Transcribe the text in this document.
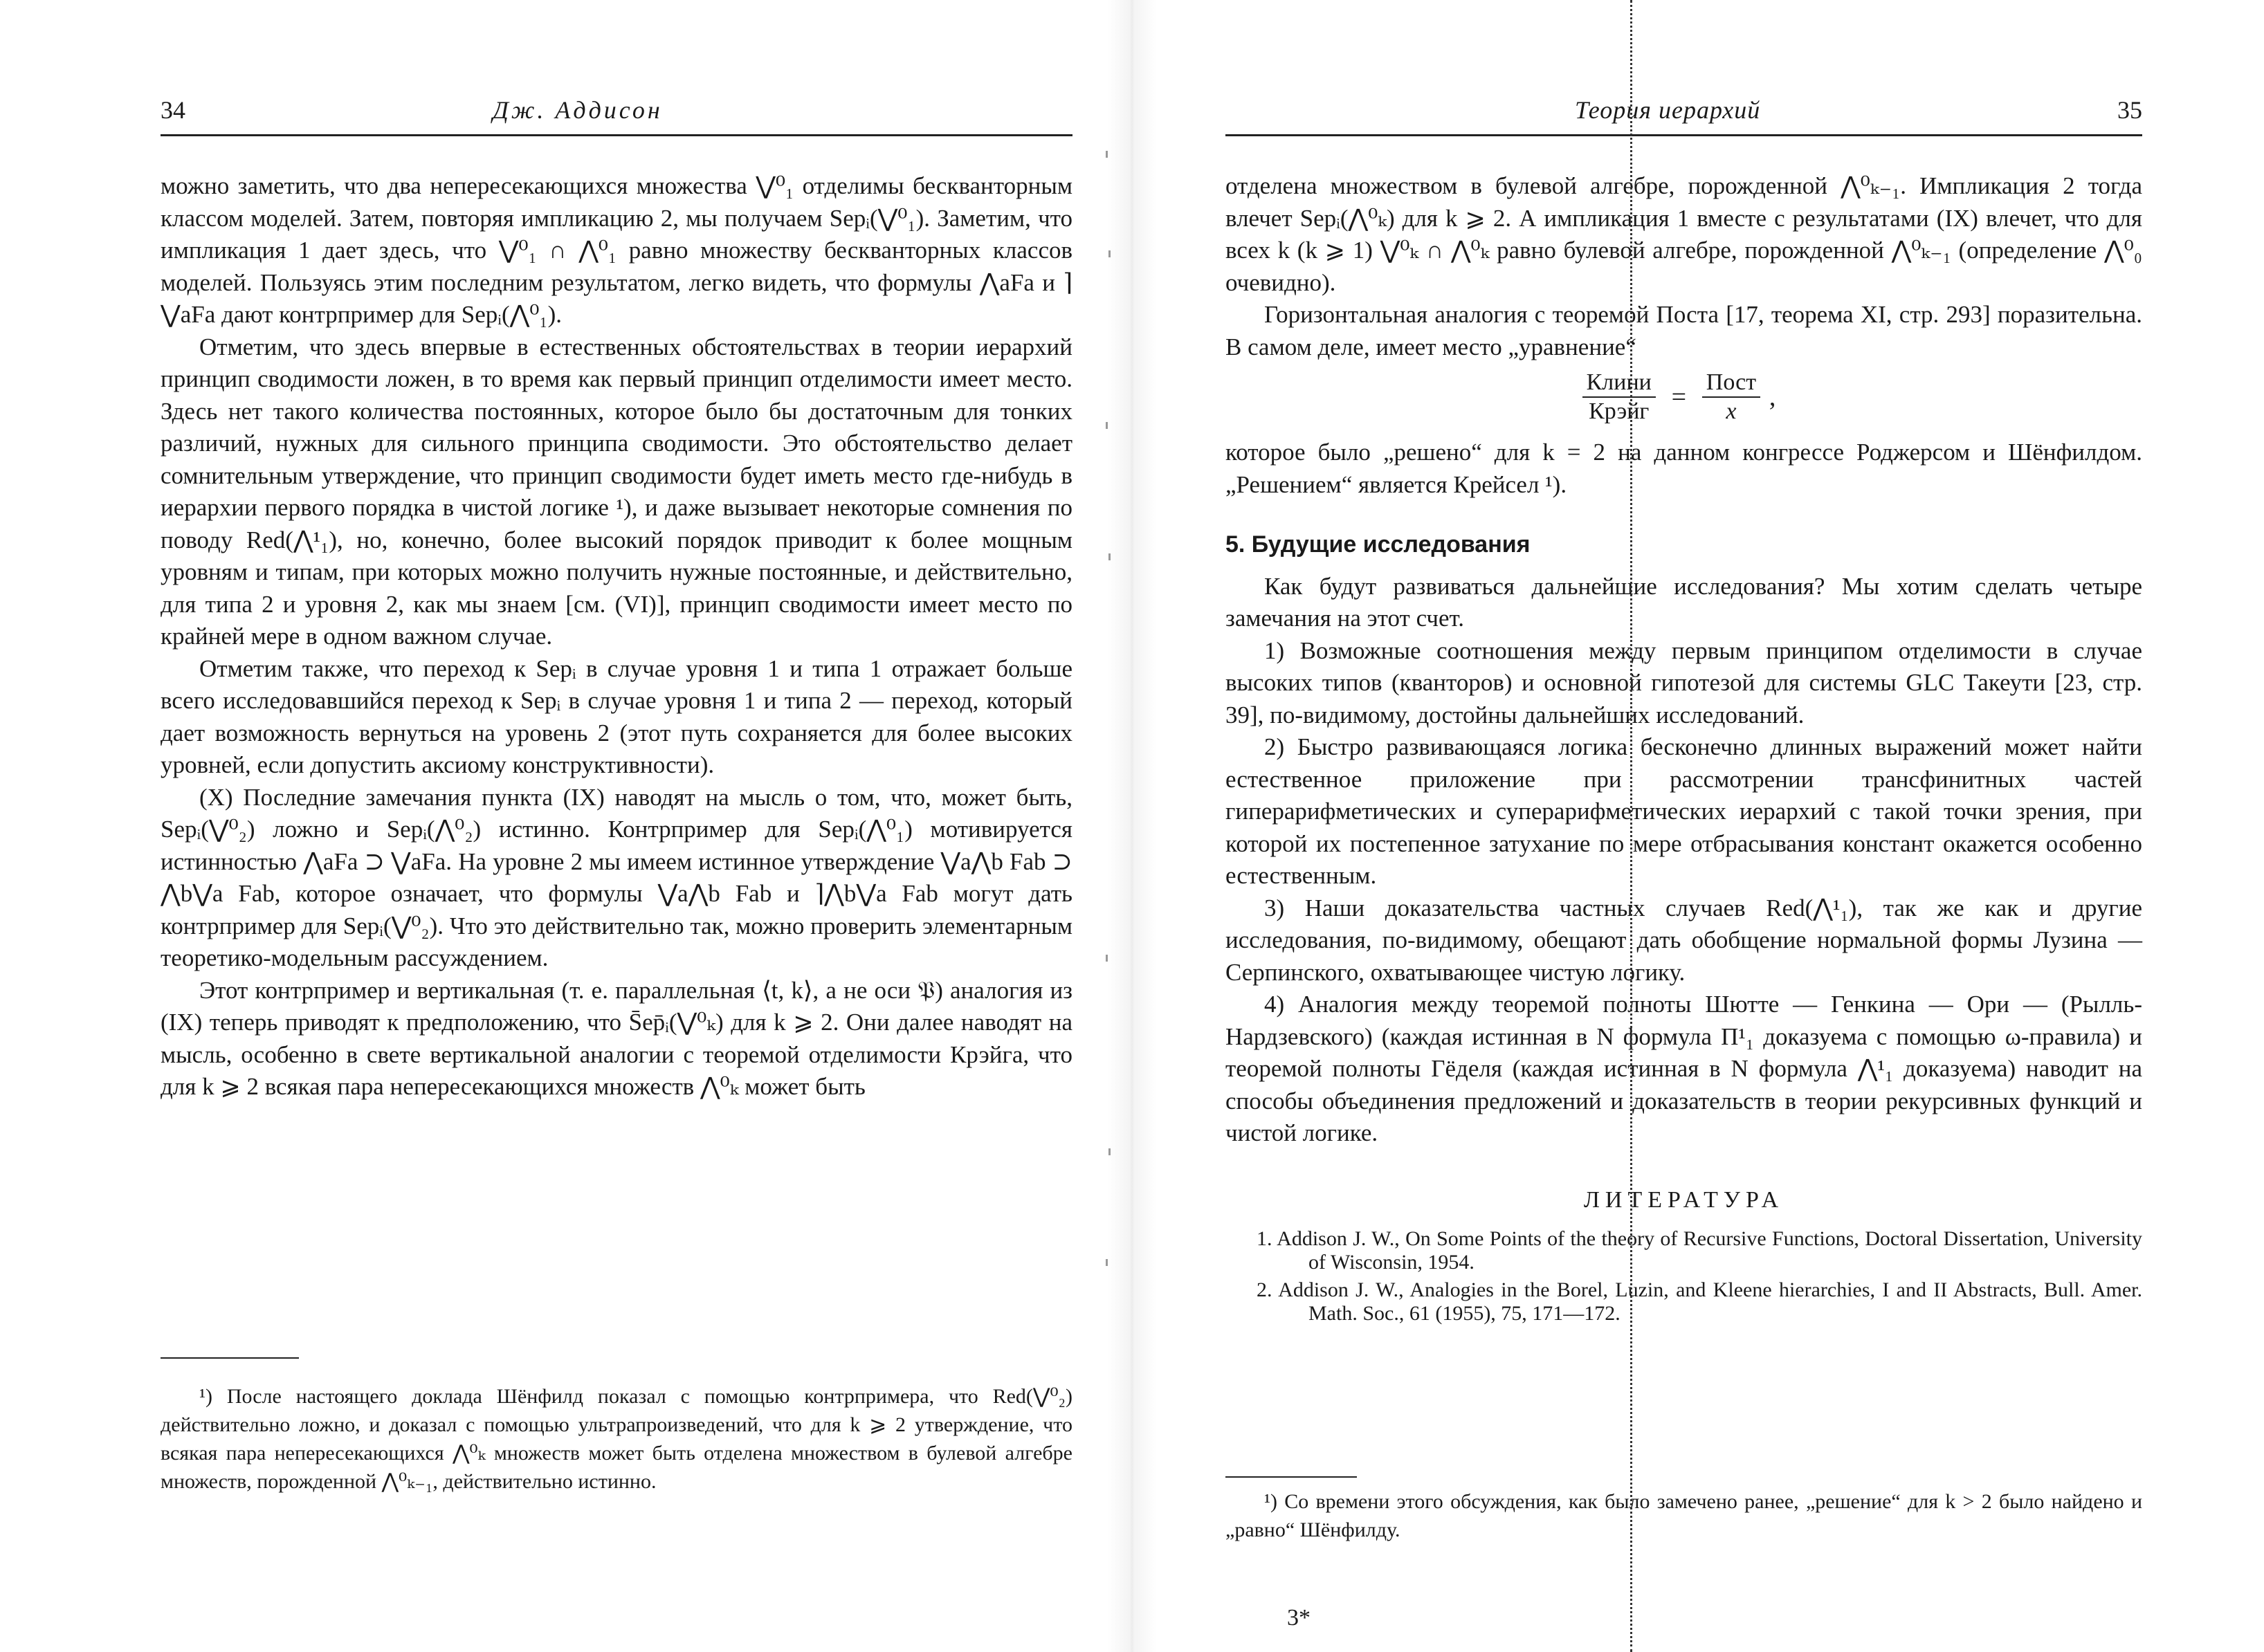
34	Дж. Аддисон

можно заметить, что два непересекающихся множества ⋁⁰₁ отделимы бескванторным классом моделей. Затем, повторяя импликацию 2, мы получаем Sepᵢ(⋁⁰₁). Заметим, что импликация 1 дает здесь, что ⋁⁰₁ ∩ ⋀⁰₁ равно множеству бескванторных классов моделей. Пользуясь этим последним результатом, легко видеть, что формулы ⋀aFa и ⌉⋁aFa дают контрпример для Sepᵢ(⋀⁰₁).

Отметим, что здесь впервые в естественных обстоятельствах в теории иерархий принцип сводимости ложен, в то время как первый принцип отделимости имеет место. Здесь нет такого количества постоянных, которое было бы достаточным для тонких различий, нужных для сильного принципа сводимости. Это обстоятельство делает сомнительным утверждение, что принцип сводимости будет иметь место где-нибудь в иерархии первого порядка в чистой логике ¹), и даже вызывает некоторые сомнения по поводу Red(⋀¹₁), но, конечно, более высокий порядок приводит к более мощным уровням и типам, при которых можно получить нужные постоянные, и действительно, для типа 2 и уровня 2, как мы знаем [см. (VI)], принцип сводимости имеет место по крайней мере в одном важном случае.

Отметим также, что переход к Sepᵢ в случае уровня 1 и типа 1 отражает больше всего исследовавшийся переход к Sepᵢ в случае уровня 1 и типа 2 — переход, который дает возможность вернуться на уровень 2 (этот путь сохраняется для более высоких уровней, если допустить аксиому конструктивности).

(X) Последние замечания пункта (IX) наводят на мысль о том, что, может быть, Sepᵢ(⋁⁰₂) ложно и Sepᵢ(⋀⁰₂) истинно. Контрпример для Sepᵢ(⋀⁰₁) мотивируется истинностью ⋀aFa ⊃ ⋁aFa. На уровне 2 мы имеем истинное утверждение ⋁a⋀b Fab ⊃ ⋀b⋁a Fab, которое означает, что формулы ⋁a⋀b Fab и ⌉⋀b⋁a Fab могут дать контрпример для Sepᵢ(⋁⁰₂). Что это действительно так, можно проверить элементарным теоретико-модельным рассуждением.

Этот контрпример и вертикальная (т. е. параллельная ⟨t, k⟩, а не оси 𝔓) аналогия из (IX) теперь приводят к предположению, что S̄ep̄ᵢ(⋁⁰ₖ) для k ⩾ 2. Они далее наводят на мысль, особенно в свете вертикальной аналогии с теоремой отделимости Крэйга, что для k ⩾ 2 всякая пара непересекающихся множеств ⋀⁰ₖ может быть

¹) После настоящего доклада Шёнфилд показал с помощью контрпримера, что Red(⋁⁰₂) действительно ложно, и доказал с помощью ультрапроизведений, что для k ⩾ 2 утверждение, что всякая пара непересекающихся ⋀⁰ₖ множеств может быть отделена множеством в булевой алгебре множеств, порожденной ⋀⁰ₖ₋₁, действительно истинно.

Теория иерархий	35

отделена множеством в булевой алгебре, порожденной ⋀⁰ₖ₋₁. Импликация 2 тогда влечет Sepᵢ(⋀⁰ₖ) для k ⩾ 2. А импликация 1 вместе с результатами (IX) влечет, что для всех k (k ⩾ 1) ⋁⁰ₖ ∩ ⋀⁰ₖ равно булевой алгебре, порожденной ⋀⁰ₖ₋₁ (определение ⋀⁰₀ очевидно).

Горизонтальная аналогия с теоремой Поста [17, теорема XI, стр. 293] поразительна. В самом деле, имеет место „уравнение“

$\frac{\text{Клини}}{\text{Крэйг}} = \frac{\text{Пост}}{x}$ ,

которое было „решено“ для k = 2 на данном конгрессе Роджерсом и Шёнфилдом. „Решением“ является Крейсел ¹).

5. Будущие исследования

Как будут развиваться дальнейшие исследования? Мы хотим сделать четыре замечания на этот счет.

1) Возможные соотношения между первым принципом отделимости в случае высоких типов (кванторов) и основной гипотезой для системы GLC Такеути [23, стр. 39], по-видимому, достойны дальнейших исследований.

2) Быстро развивающаяся логика бесконечно длинных выражений может найти естественное приложение при рассмотрении трансфинитных частей гиперарифметических и суперарифметических иерархий с такой точки зрения, при которой их постепенное затухание по мере отбрасывания констант окажется особенно естественным.

3) Наши доказательства частных случаев Red(⋀¹₁), так же как и другие исследования, по-видимому, обещают дать обобщение нормальной формы Лузина — Серпинского, охватывающее чистую логику.

4) Аналогия между теоремой полноты Шютте — Генкина — Ори — (Рылль-Нардзевского) (каждая истинная в N формула Π¹₁ доказуема с помощью ω-правила) и теоремой полноты Гёделя (каждая истинная в N формула ⋀¹₁ доказуема) наводит на способы объединения предложений и доказательств в теории рекурсивных функций и чистой логике.

ЛИТЕРАТУРА

1. Addison J. W., On Some Points of the theory of Recursive Functions, Doctoral Dissertation, University of Wisconsin, 1954.

2. Addison J. W., Analogies in the Borel, Luzin, and Kleene hierarchies, I and II Abstracts, Bull. Amer. Math. Soc., 61 (1955), 75, 171—172.

¹) Со времени этого обсуждения, как было замечено ранее, „решение“ для k > 2 было найдено и „равно“ Шёнфилду.

3*
